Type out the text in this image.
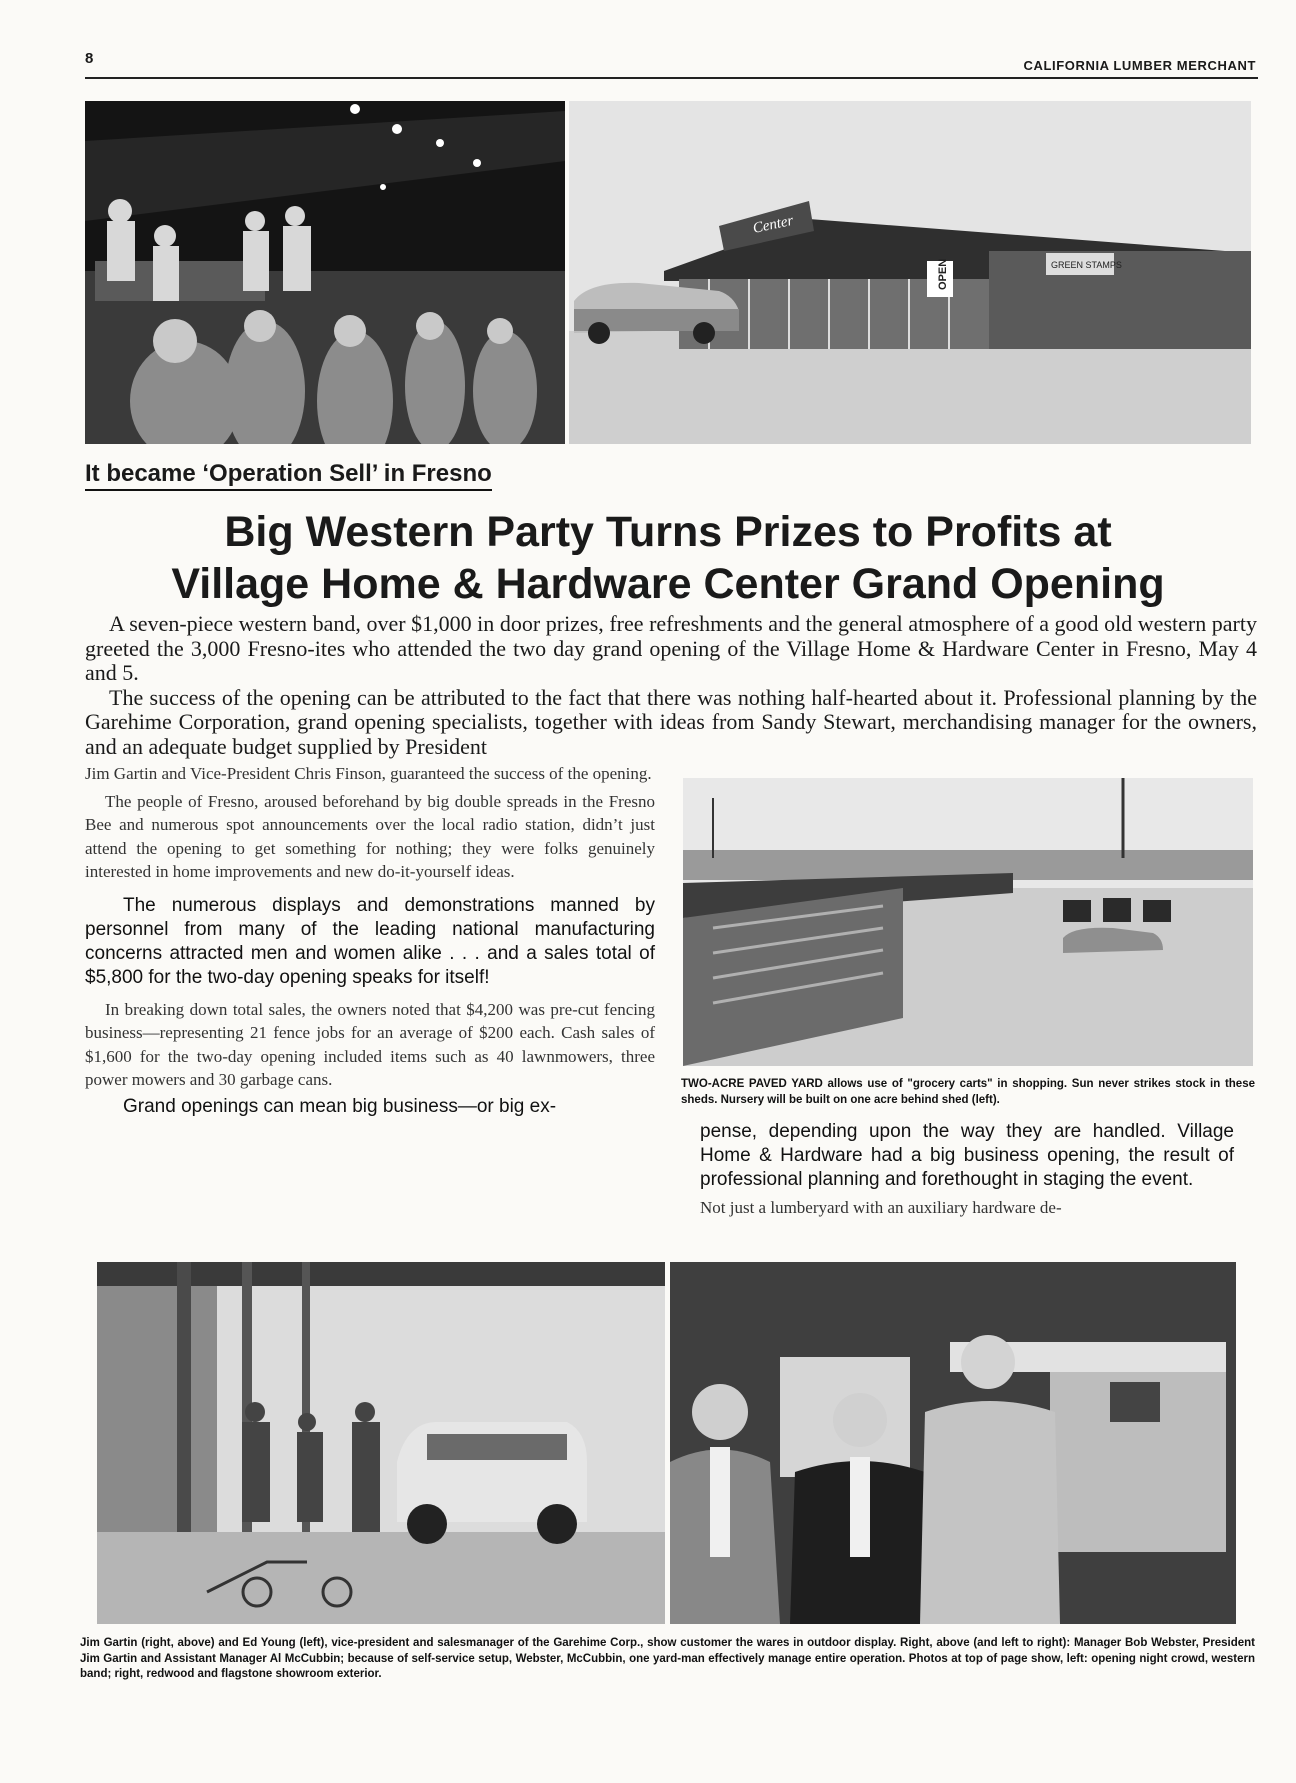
8	CALIFORNIA LUMBER MERCHANT
Center
OPEN	GREEN STAMPS
It became ‘Operation Sell’ in Fresno
Big Western Party Turns Prizes to Profits at
Village Home & Hardware Center Grand Opening

A seven-piece western band, over $1,000 in door prizes, free refreshments and the general atmosphere of a good old western party greeted the 3,000 Fresno-ites who attended the two day grand opening of the Village Home & Hardware Center in Fresno, May 4 and 5.

The success of the opening can be attributed to the fact that there was nothing half-hearted about it. Professional planning by the Garehime Corporation, grand opening specialists, together with ideas from Sandy Stewart, merchandising manager for the owners, and an adequate budget supplied by President

Jim Gartin and Vice-President Chris Finson, guaranteed the success of the opening.

The people of Fresno, aroused beforehand by big double spreads in the Fresno Bee and numerous spot announcements over the local radio station, didn’t just attend the opening to get something for nothing; they were folks genuinely interested in home improvements and new do-it-yourself ideas.

The numerous displays and demonstrations manned by personnel from many of the leading national manufacturing concerns attracted men and women alike . . . and a sales total of $5,800 for the two-day opening speaks for itself!

In breaking down total sales, the owners noted that $4,200 was pre-cut fencing business—representing 21 fence jobs for an average of $200 each. Cash sales of $1,600 for the two-day opening included items such as 40 lawnmowers, three power mowers and 30 garbage cans.

Grand openings can mean big business—or big ex-

TWO-ACRE PAVED YARD allows use of "grocery carts" in shopping. Sun never strikes stock in these sheds. Nursery will be built on one acre behind shed (left).

pense, depending upon the way they are handled. Village Home & Hardware had a big business opening, the result of professional planning and forethought in staging the event.

Not just a lumberyard with an auxiliary hardware de-

Jim Gartin (right, above) and Ed Young (left), vice-president and salesmanager of the Garehime Corp., show customer the wares in outdoor display. Right, above (and left to right): Manager Bob Webster, President Jim Gartin and Assistant Manager Al McCubbin; because of self-service setup, Webster, McCubbin, one yard-man effectively manage entire operation. Photos at top of page show, left: opening night crowd, western band; right, redwood and flagstone showroom exterior.
